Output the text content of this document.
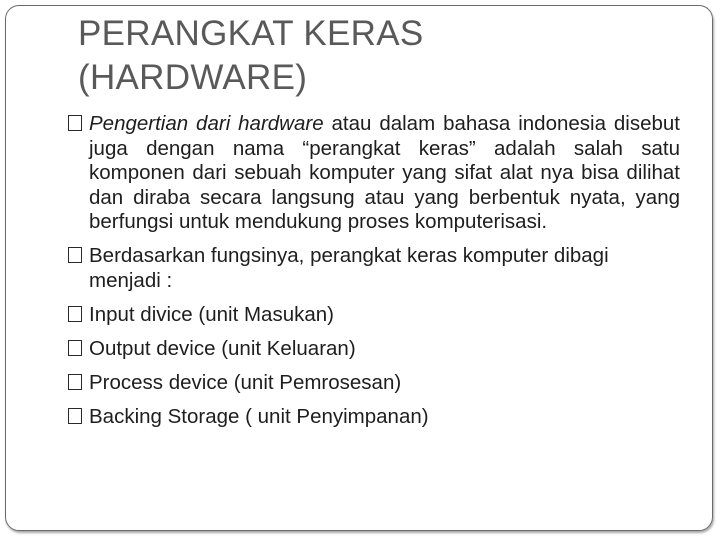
PERANGKAT KERAS
(HARDWARE)
Pengertian dari hardware atau dalam bahasa indonesia disebut juga dengan nama “perangkat keras” adalah salah satu komponen dari sebuah komputer yang sifat alat nya bisa dilihat dan diraba secara langsung atau yang berbentuk nyata, yang berfungsi untuk mendukung proses komputerisasi.
Berdasarkan fungsinya, perangkat keras komputer dibagi menjadi :
Input divice (unit Masukan)
Output device (unit Keluaran)
Process device (unit Pemrosesan)
Backing Storage ( unit Penyimpanan)
